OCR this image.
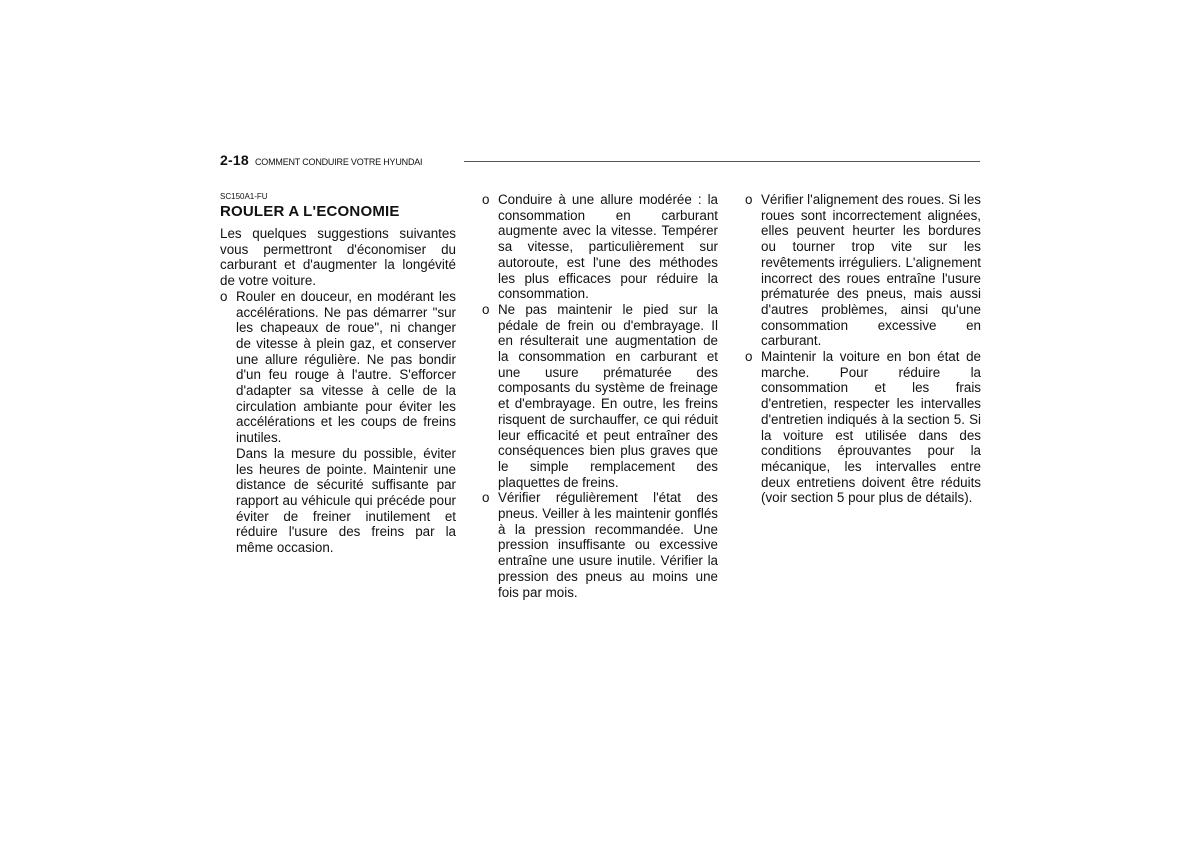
2-18 COMMENT CONDUIRE VOTRE HYUNDAI
SC150A1-FU
ROULER A L'ECONOMIE

Les quelques suggestions suivantes vous permettront d'économiser du carburant et d'augmenter la longévité de votre voiture.

o Rouler en douceur, en modérant les accélérations. Ne pas démarrer "sur les chapeaux de roue", ni changer de vitesse à plein gaz, et conserver une allure régulière. Ne pas bondir d'un feu rouge à l'autre. S'efforcer d'adapter sa vitesse à celle de la circulation ambiante pour éviter les accélérations et les coups de freins inutiles.

Dans la mesure du possible, éviter les heures de pointe. Maintenir une distance de sécurité suffisante par rapport au véhicule qui précéde pour éviter de freiner inutilement et réduire l'usure des freins par la même occasion.

o Conduire à une allure modérée : la consommation en carburant augmente avec la vitesse. Tempérer sa vitesse, particulièrement sur autoroute, est l'une des méthodes les plus efficaces pour réduire la consommation.
o Ne pas maintenir le pied sur la pédale de frein ou d'embrayage. Il en résulterait une augmentation de la consommation en carburant et une usure prématurée des composants du système de freinage et d'embrayage. En outre, les freins risquent de surchauffer, ce qui réduit leur efficacité et peut entraîner des conséquences bien plus graves que le simple remplacement des plaquettes de freins.
o Vérifier régulièrement l'état des pneus. Veiller à les maintenir gonflés à la pression recommandée. Une pression insuffisante ou excessive entraîne une usure inutile. Vérifier la pression des pneus au moins une fois par mois.
o Vérifier l'alignement des roues. Si les roues sont incorrectement alignées, elles peuvent heurter les bordures ou tourner trop vite sur les revêtements irréguliers. L'alignement incorrect des roues entraîne l'usure prématurée des pneus, mais aussi d'autres problèmes, ainsi qu'une consommation excessive en carburant.
o Maintenir la voiture en bon état de marche. Pour réduire la consommation et les frais d'entretien, respecter les intervalles d'entretien indiqués à la section 5. Si la voiture est utilisée dans des conditions éprouvantes pour la mécanique, les intervalles entre deux entretiens doivent être réduits (voir section 5 pour plus de détails).
